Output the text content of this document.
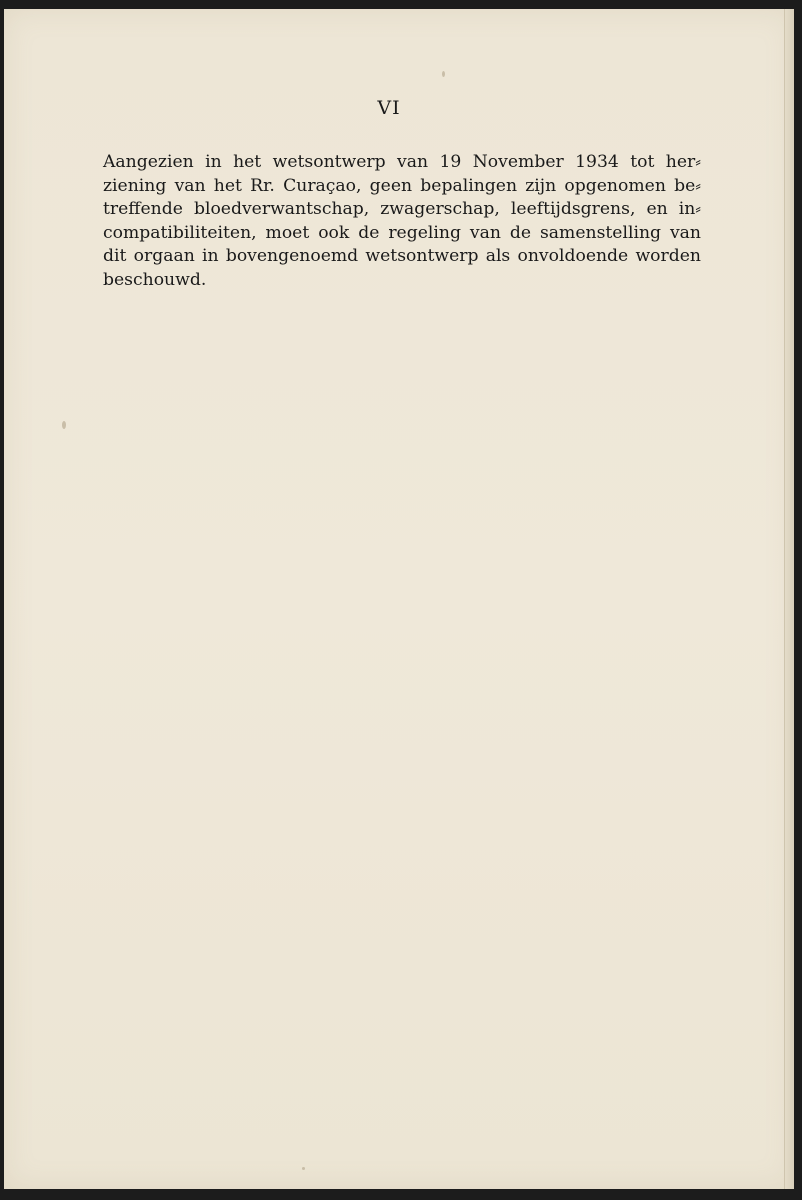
VI
Aangezien in het wetsontwerp van 19 November 1934 tot her⸗
ziening van het Rr. Curaçao, geen bepalingen zijn opgenomen be⸗
treffende bloedverwantschap, zwagerschap, leeftijdsgrens, en in⸗
compatibiliteiten, moet ook de regeling van de samenstelling van
dit orgaan in bovengenoemd wetsontwerp als onvoldoende worden
beschouwd.
